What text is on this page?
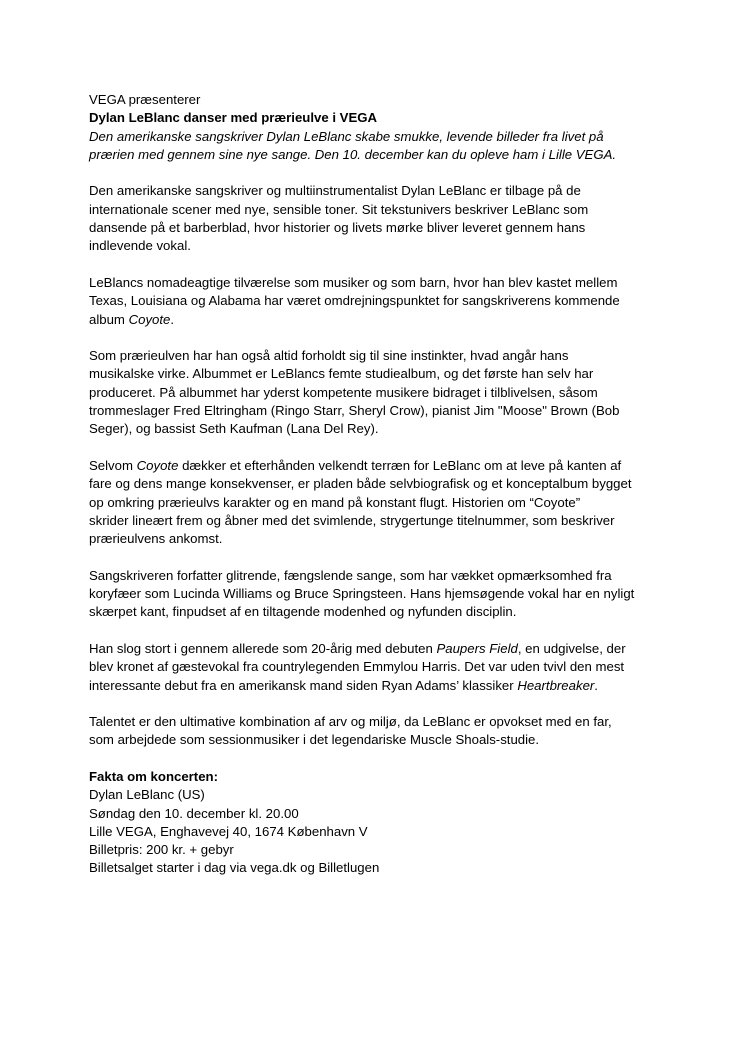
VEGA præsenterer
Dylan LeBlanc danser med prærieulve i VEGA
Den amerikanske sangskriver Dylan LeBlanc skabe smukke, levende billeder fra livet på
prærien med gennem sine nye sange. Den 10. december kan du opleve ham i Lille VEGA.
Den amerikanske sangskriver og multiinstrumentalist Dylan LeBlanc er tilbage på de
internationale scener med nye, sensible toner. Sit tekstunivers beskriver LeBlanc som
dansende på et barberblad, hvor historier og livets mørke bliver leveret gennem hans
indlevende vokal.
LeBlancs nomadeagtige tilværelse som musiker og som barn, hvor han blev kastet mellem
Texas, Louisiana og Alabama har været omdrejningspunktet for sangskriverens kommende
album Coyote.
Som prærieulven har han også altid forholdt sig til sine instinkter, hvad angår hans
musikalske virke. Albummet er LeBlancs femte studiealbum, og det første han selv har
produceret. På albummet har yderst kompetente musikere bidraget i tilblivelsen, såsom
trommeslager Fred Eltringham (Ringo Starr, Sheryl Crow), pianist Jim "Moose" Brown (Bob
Seger), og bassist Seth Kaufman (Lana Del Rey).
Selvom Coyote dækker et efterhånden velkendt terræn for LeBlanc om at leve på kanten af
fare og dens mange konsekvenser, er pladen både selvbiografisk og et konceptalbum bygget
op omkring prærieulvs karakter og en mand på konstant flugt. Historien om “Coyote”
skrider lineært frem og åbner med det svimlende, strygertunge titelnummer, som beskriver
prærieulvens ankomst.
Sangskriveren forfatter glitrende, fængslende sange, som har vækket opmærksomhed fra
koryfæer som Lucinda Williams og Bruce Springsteen. Hans hjemsøgende vokal har en nyligt
skærpet kant, finpudset af en tiltagende modenhed og nyfunden disciplin.
Han slog stort i gennem allerede som 20-årig med debuten Paupers Field, en udgivelse, der
blev kronet af gæstevokal fra countrylegenden Emmylou Harris. Det var uden tvivl den mest
interessante debut fra en amerikansk mand siden Ryan Adams’ klassiker Heartbreaker.
Talentet er den ultimative kombination af arv og miljø, da LeBlanc er opvokset med en far,
som arbejdede som sessionmusiker i det legendariske Muscle Shoals-studie.
Fakta om koncerten:
Dylan LeBlanc (US)
Søndag den 10. december kl. 20.00
Lille VEGA, Enghavevej 40, 1674 København V
Billetpris: 200 kr. + gebyr
Billetsalget starter i dag via vega.dk og Billetlugen
